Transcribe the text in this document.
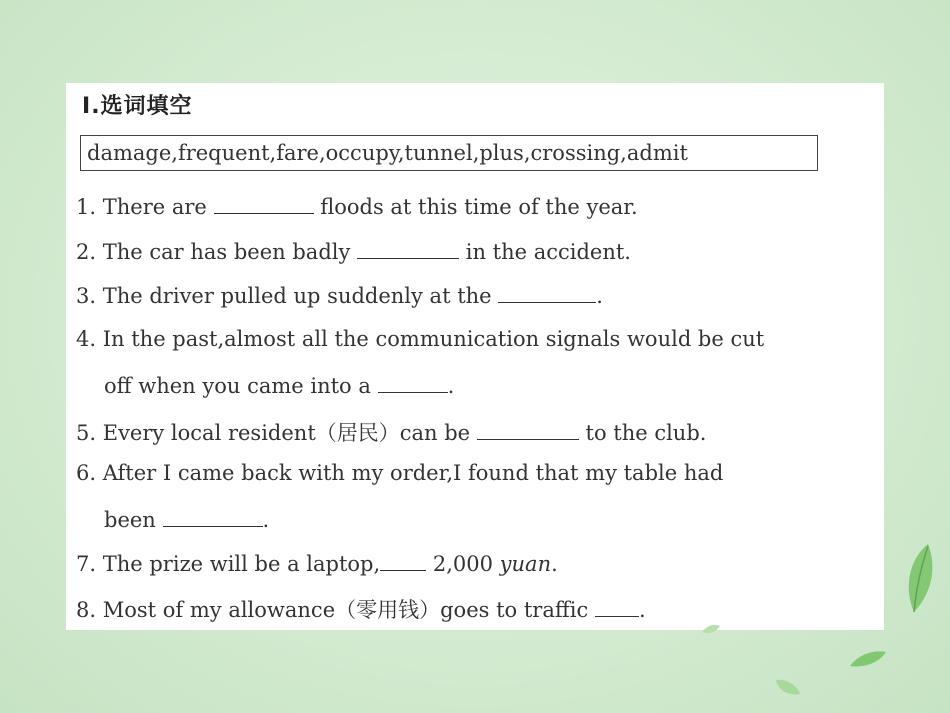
Ⅰ.选词填空
damage,frequent,fare,occupy,tunnel,plus,crossing,admit
1. There are	floods at this time of the year.
2. The car has been badly	in the accident.
3. The driver pulled up suddenly at the	.
4. In the past,almost all the communication signals would be cut
off when you came into a	.
5. Every local resident（居民）can be	to the club.
6. After I came back with my order,I found that my table had
been	.
7. The prize will be a laptop,	2,000 yuan.
8. Most of my allowance（零用钱）goes to traffic .
